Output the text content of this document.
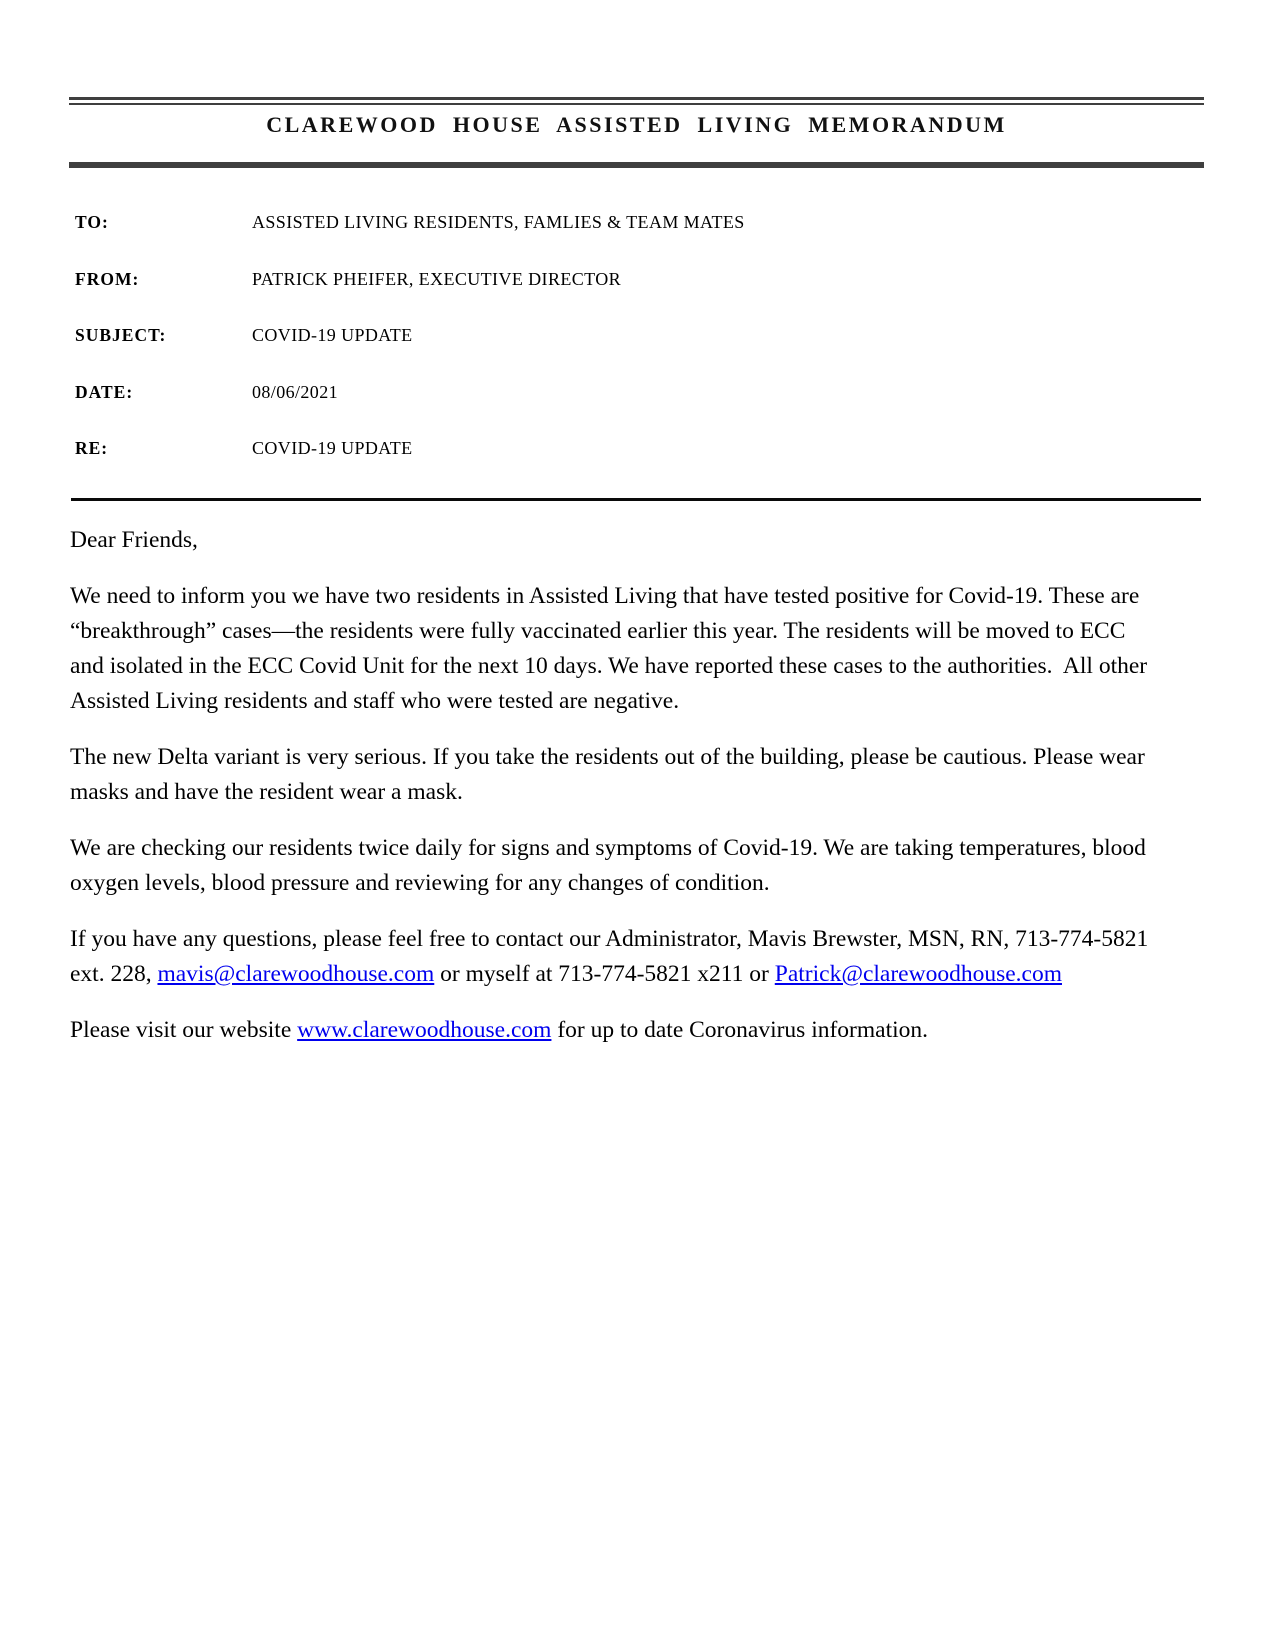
CLAREWOOD HOUSE ASSISTED LIVING MEMORANDUM
TO:	ASSISTED LIVING RESIDENTS, FAMLIES & TEAM MATES
FROM:	PATRICK PHEIFER, EXECUTIVE DIRECTOR
SUBJECT:	COVID-19 UPDATE
DATE:	08/06/2021
RE:	COVID-19 UPDATE

Dear Friends,

We need to inform you we have two residents in Assisted Living that have tested positive for Covid-19. These are “breakthrough” cases—the residents were fully vaccinated earlier this year. The residents will be moved to ECC and isolated in the ECC Covid Unit for the next 10 days. We have reported these cases to the authorities.  All other Assisted Living residents and staff who were tested are negative.

The new Delta variant is very serious. If you take the residents out of the building, please be cautious. Please wear masks and have the resident wear a mask.

We are checking our residents twice daily for signs and symptoms of Covid-19. We are taking temperatures, blood oxygen levels, blood pressure and reviewing for any changes of condition.

If you have any questions, please feel free to contact our Administrator, Mavis Brewster, MSN, RN, 713-774-5821 ext. 228, mavis@clarewoodhouse.com or myself at 713-774-5821 x211 or Patrick@clarewoodhouse.com

Please visit our website www.clarewoodhouse.com for up to date Coronavirus information.
